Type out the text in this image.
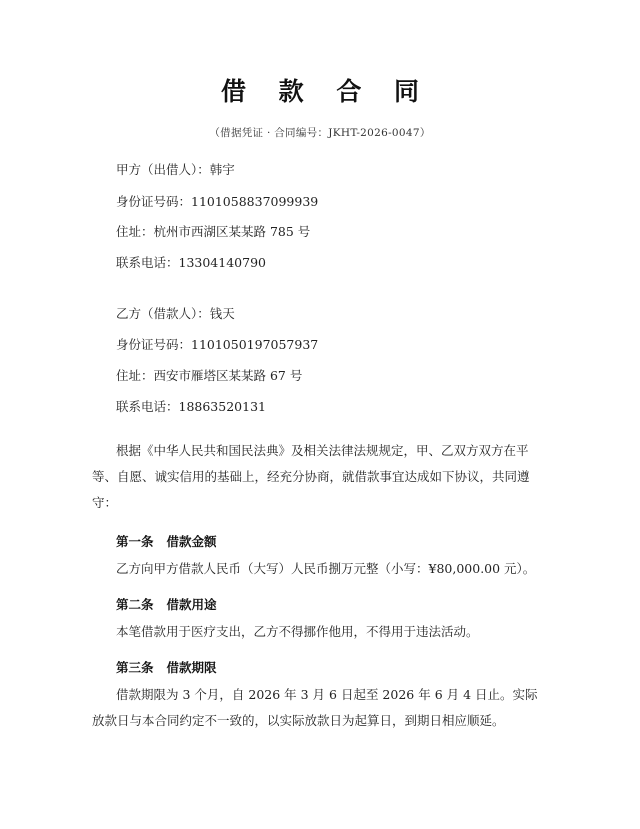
借 款 合 同
（借据凭证 · 合同编号：JKHT-2026-0047）
甲方（出借人）：韩宇
身份证号码：1101058837099939
住址：杭州市西湖区某某路 785 号
联系电话：13304140790
乙方（借款人）：钱天
身份证号码：1101050197057937
住址：西安市雁塔区某某路 67 号
联系电话：18863520131
根据《中华人民共和国民法典》及相关法律法规规定，甲、乙双方双方在平等、自愿、诚实信用的基础上，经充分协商，就借款事宜达成如下协议，共同遵守：
第一条   借款金额
乙方向甲方借款人民币（大写）人民币捌万元整（小写：¥80,000.00 元）。
第二条   借款用途
本笔借款用于医疗支出，乙方不得挪作他用，不得用于违法活动。
第三条   借款期限
借款期限为 3 个月，自 2026 年 3 月 6 日起至 2026 年 6 月 4 日止。实际放款日与本合同约定不一致的，以实际放款日为起算日，到期日相应顺延。
